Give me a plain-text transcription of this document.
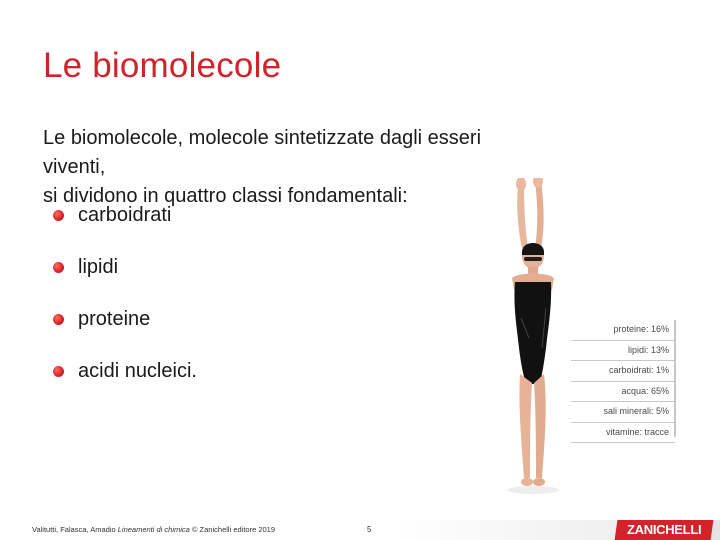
Le biomolecole

Le biomolecole, molecole sintetizzate dagli esseri viventi,
si dividono in quattro classi fondamentali:

carboidrati
lipidi
proteine
acidi nucleici.
proteine: 16%
lipidi: 13%
carboidrati: 1%
acqua: 65%
sali minerali: 5%
vitamine: tracce
Valitutti, Falasca, Amadio Lineamenti di chimica © Zanichelli editore 2019	5	ZANICHELLI
